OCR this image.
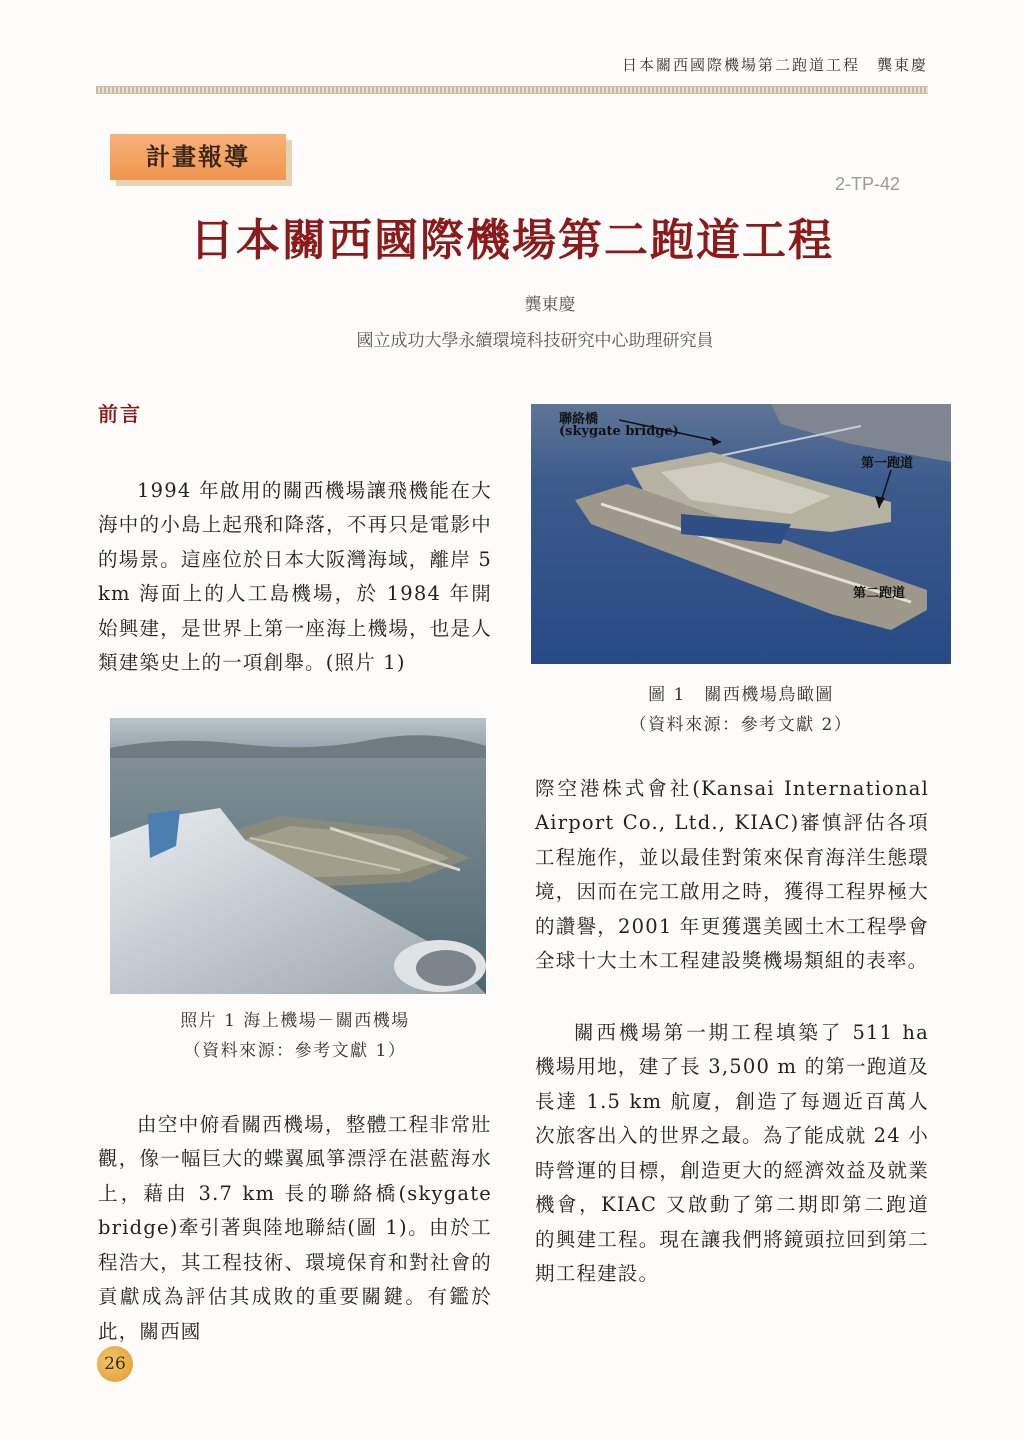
日本關西國際機場第二跑道工程　龔東慶
計畫報導
2-TP-42
日本關西國際機場第二跑道工程
龔東慶
國立成功大學永續環境科技研究中心助理研究員
前言

1994 年啟用的關西機場讓飛機能在大海中的小島上起飛和降落，不再只是電影中的場景。這座位於日本大阪灣海域，離岸 5 km 海面上的人工島機場，於 1984 年開始興建，是世界上第一座海上機場，也是人類建築史上的一項創舉。(照片 1)

照片 1 海上機場－關西機場
（資料來源：參考文獻 1）

由空中俯看關西機場，整體工程非常壯觀，像一幅巨大的蝶翼風箏漂浮在湛藍海水上，藉由 3.7 km 長的聯絡橋(skygate bridge)牽引著與陸地聯結(圖 1)。由於工程浩大，其工程技術、環境保育和對社會的貢獻成為評估其成敗的重要關鍵。有鑑於此，關西國

聯絡橋
(skygate bridge)
第一跑道
第二跑道
圖 1　關西機場鳥瞰圖
（資料來源：參考文獻 2）

際空港株式會社(Kansai International Airport Co., Ltd., KIAC)審慎評估各項工程施作，並以最佳對策來保育海洋生態環境，因而在完工啟用之時，獲得工程界極大的讚譽，2001 年更獲選美國土木工程學會全球十大土木工程建設獎機場類組的表率。

關西機場第一期工程填築了 511 ha 機場用地，建了長 3,500 m 的第一跑道及長達 1.5 km 航廈，創造了每週近百萬人次旅客出入的世界之最。為了能成就 24 小時營運的目標，創造更大的經濟效益及就業機會，KIAC 又啟動了第二期即第二跑道的興建工程。現在讓我們將鏡頭拉回到第二期工程建設。

26
